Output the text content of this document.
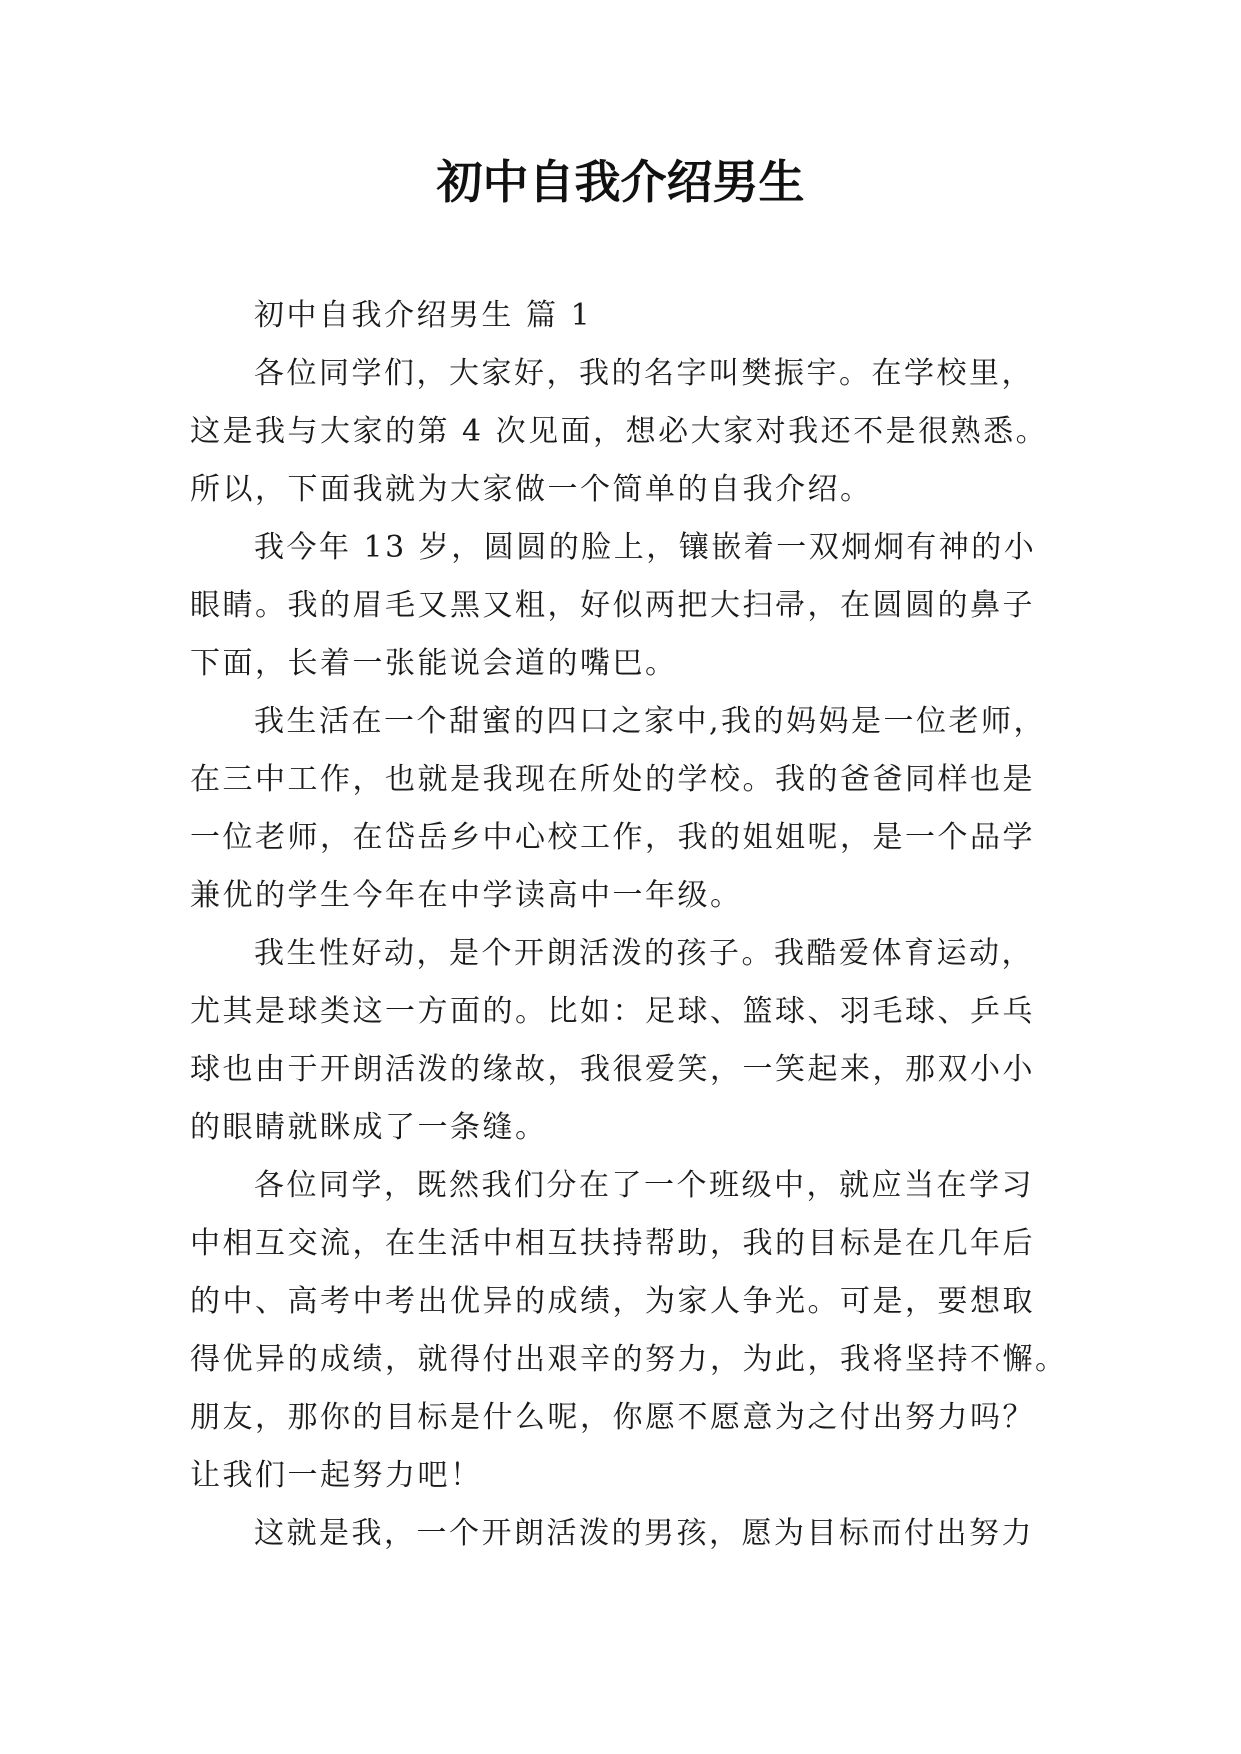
初中自我介绍男生
初中自我介绍男生 篇 1
各位同学们，大家好，我的名字叫樊振宇。在学校里，
这是我与大家的第 4 次见面，想必大家对我还不是很熟悉。
所以，下面我就为大家做一个简单的自我介绍。
我今年 13 岁，圆圆的脸上，镶嵌着一双炯炯有神的小
眼睛。我的眉毛又黑又粗，好似两把大扫帚，在圆圆的鼻子
下面，长着一张能说会道的嘴巴。
我生活在一个甜蜜的四口之家中,我的妈妈是一位老师，
在三中工作，也就是我现在所处的学校。我的爸爸同样也是
一位老师，在岱岳乡中心校工作，我的姐姐呢，是一个品学
兼优的学生今年在中学读高中一年级。
我生性好动，是个开朗活泼的孩子。我酷爱体育运动，
尤其是球类这一方面的。比如：足球、篮球、羽毛球、乒乓
球也由于开朗活泼的缘故，我很爱笑，一笑起来，那双小小
的眼睛就眯成了一条缝。
各位同学，既然我们分在了一个班级中，就应当在学习
中相互交流，在生活中相互扶持帮助，我的目标是在几年后
的中、高考中考出优异的成绩，为家人争光。可是，要想取
得优异的成绩，就得付出艰辛的努力，为此，我将坚持不懈。
朋友，那你的目标是什么呢，你愿不愿意为之付出努力吗？
让我们一起努力吧！
这就是我，一个开朗活泼的男孩，愿为目标而付出努力
